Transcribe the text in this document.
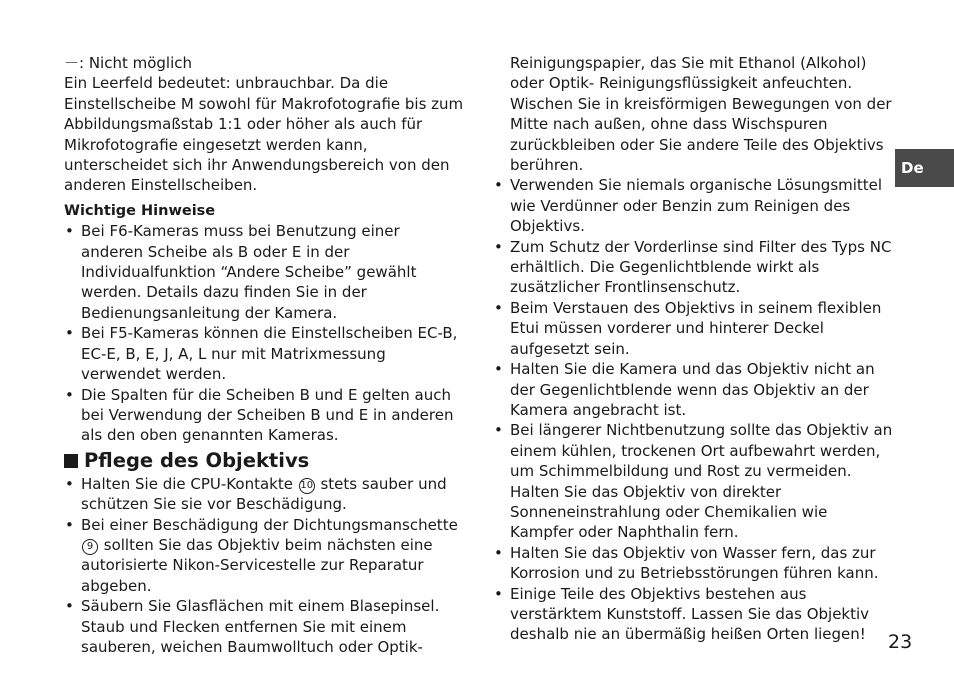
－: Nicht möglich

Ein Leerfeld bedeutet: unbrauchbar. Da die Einstellscheibe M sowohl für Makrofotografie bis zum Abbildungsmaßstab 1:1 oder höher als auch für Mikrofotografie eingesetzt werden kann, unterscheidet sich ihr Anwendungsbereich von den anderen Einstellscheiben.

Wichtige Hinweise

• Bei F6-Kameras muss bei Benutzung einer anderen Scheibe als B oder E in der Individualfunktion “Andere Scheibe” gewählt werden. Details dazu finden Sie in der Bedienungsanleitung der Kamera.
• Bei F5-Kameras können die Einstellscheiben EC-B, EC-E, B, E, J, A, L nur mit Matrixmessung verwendet werden.
• Die Spalten für die Scheiben B und E gelten auch bei Verwendung der Scheiben B und E in anderen als den oben genannten Kameras.
Pflege des Objektivs
• Halten Sie die CPU-Kontakte 10 stets sauber und schützen Sie sie vor Beschädigung.
• Bei einer Beschädigung der Dichtungsmanschette 9 sollten Sie das Objektiv beim nächsten eine autorisierte Nikon-Servicestelle zur Reparatur abgeben.
• Säubern Sie Glasflächen mit einem Blasepinsel. Staub und Flecken entfernen Sie mit einem sauberen, weichen Baumwolltuch oder Optik-

Reinigungspapier, das Sie mit Ethanol (Alkohol) oder Optik- Reinigungsflüssigkeit anfeuchten. Wischen Sie in kreisförmigen Bewegungen von der Mitte nach außen, ohne dass Wischspuren zurückbleiben oder Sie andere Teile des Objektivs berühren.

• Verwenden Sie niemals organische Lösungsmittel wie Verdünner oder Benzin zum Reinigen des Objektivs.
• Zum Schutz der Vorderlinse sind Filter des Typs NC erhältlich. Die Gegenlichtblende wirkt als zusätzlicher Frontlinsenschutz.
• Beim Verstauen des Objektivs in seinem flexiblen Etui müssen vorderer und hinterer Deckel aufgesetzt sein.
• Halten Sie die Kamera und das Objektiv nicht an der Gegenlichtblende wenn das Objektiv an der Kamera angebracht ist.
• Bei längerer Nichtbenutzung sollte das Objektiv an einem kühlen, trockenen Ort aufbewahrt werden, um Schimmelbildung und Rost zu vermeiden. Halten Sie das Objektiv von direkter Sonneneinstrahlung oder Chemikalien wie Kampfer oder Naphthalin fern.
• Halten Sie das Objektiv von Wasser fern, das zur Korrosion und zu Betriebsstörungen führen kann.
• Einige Teile des Objektivs bestehen aus verstärktem Kunststoff. Lassen Sie das Objektiv deshalb nie an übermäßig heißen Orten liegen!
De
23
